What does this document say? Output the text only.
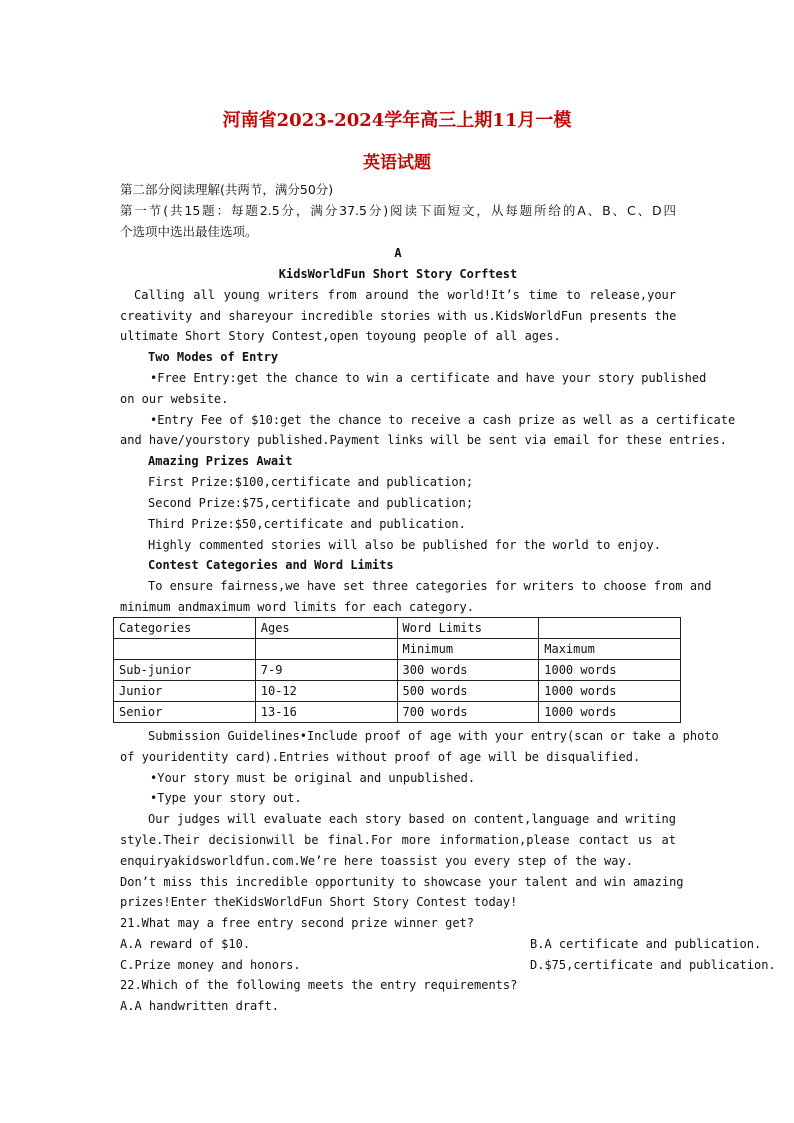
河南省2023-2024学年高三上期11月一模
英语试题
第二部分阅读理解(共两节，满分50分)
第一节(共15题：每题2.5分，满分37.5分)阅读下面短文，从每题所给的A、B、C、D四
个选项中选出最佳选项。
A
KidsWorldFun Short Story Corftest
Calling all young writers from around the world!It’s time to release,your
creativity and shareyour incredible stories with us.KidsWorldFun presents the
ultimate Short Story Contest,open toyoung people of all ages.
Two Modes of Entry
•Free Entry:get the chance to win a certificate and have your story published
on our website.
•Entry Fee of $10:get the chance to receive a cash prize as well as a certificate
and have/yourstory published.Payment links will be sent via email for these entries.
Amazing Prizes Await
First Prize:$100,certificate and publication;
Second Prize:$75,certificate and publication;
Third Prize:$50,certificate and publication.
Highly commented stories will also be published for the world to enjoy.
Contest Categories and Word Limits
To ensure fairness,we have set three categories for writers to choose from and
minimum andmaximum word limits for each category.
Categories	Ages	Word Limits	
		Minimum	Maximum
Sub-junior	7-9	300 words	1000 words
Junior	10-12	500 words	1000 words
Senior	13-16	700 words	1000 words
Submission Guidelines•Include proof of age with your entry(scan or take a photo
of youridentity card).Entries without proof of age will be disqualified.
•Your story must be original and unpublished.
•Type your story out.
Our judges will evaluate each story based on content,language and writing
style.Their decisionwill be final.For more information,please contact us at
enquiryakidsworldfun.com.We’re here toassist you every step of the way.
Don’t miss this incredible opportunity to showcase your talent and win amazing
prizes!Enter theKidsWorldFun Short Story Contest today!
21.What may a free entry second prize winner get?
A.A reward of $10.	B.A certificate and publication.
C.Prize money and honors.	D.$75,certificate and publication.
22.Which of the following meets the entry requirements?
A.A handwritten draft.
